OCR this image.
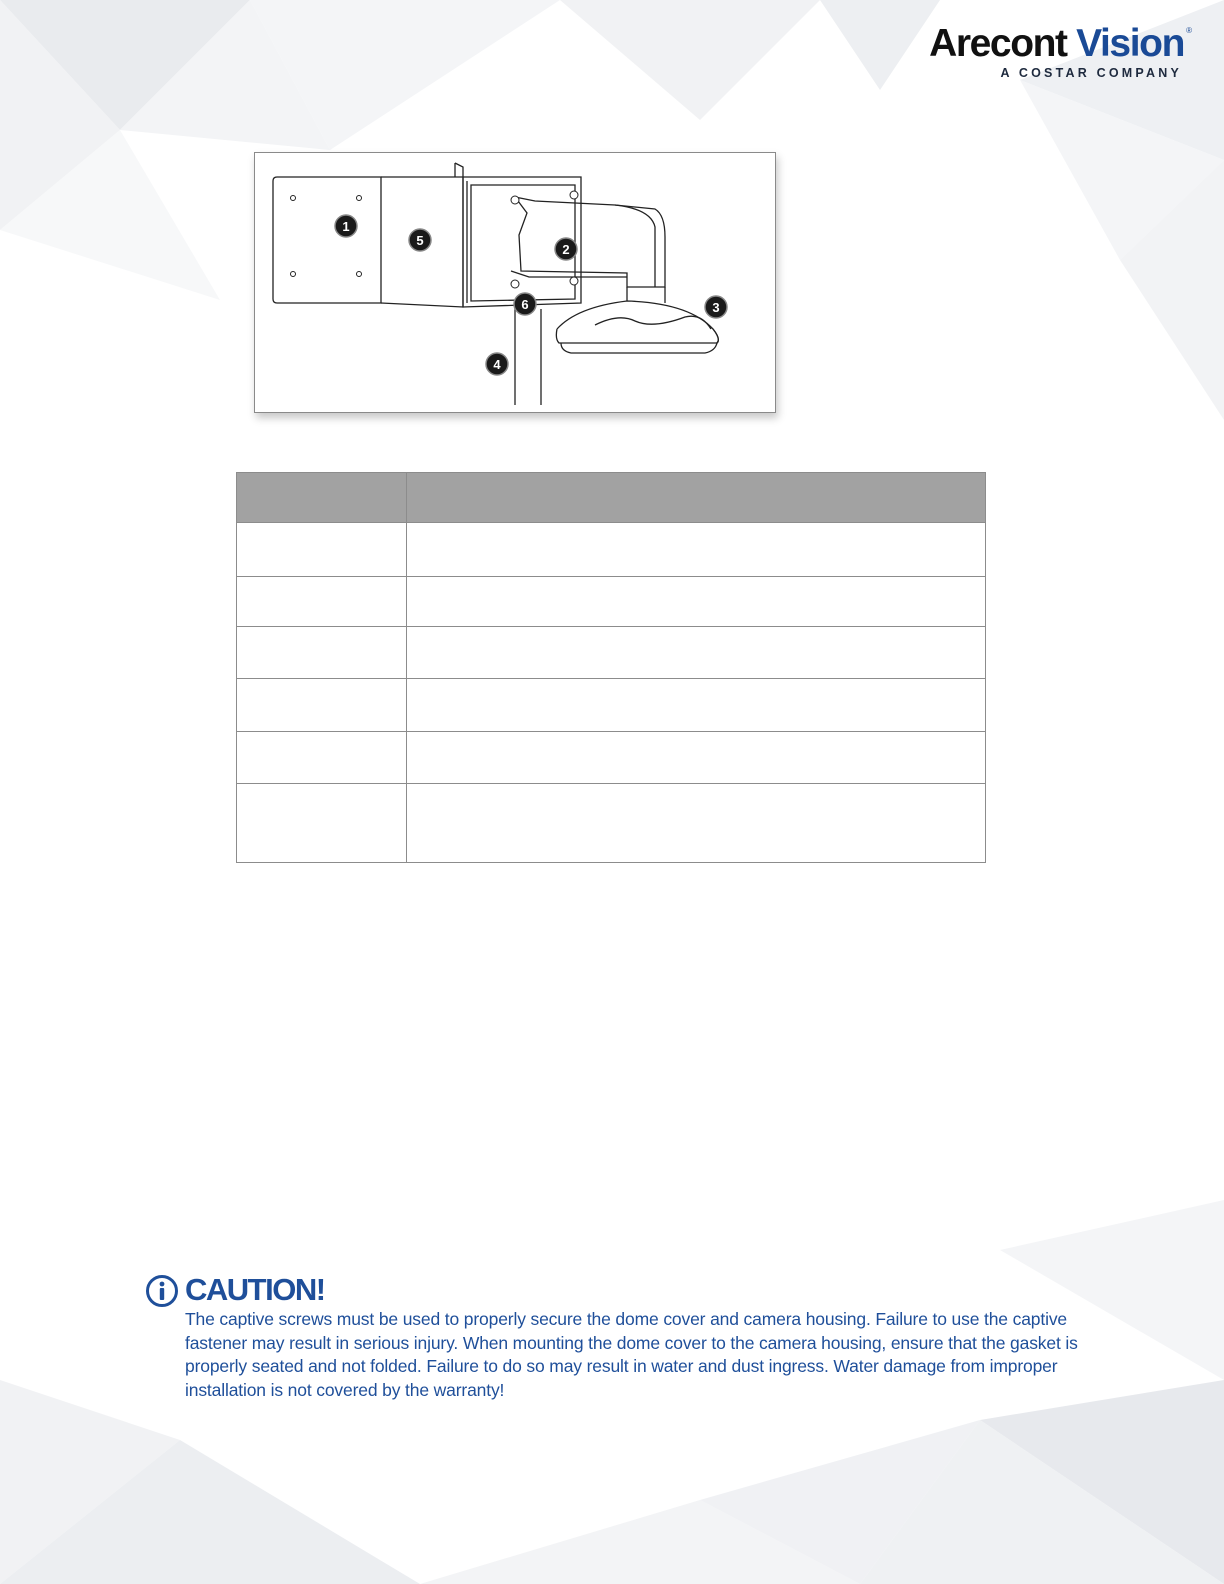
Arecont Vision ®
A COSTAR COMPANY
1
5
2
6	3
4

CAUTION!

The captive screws must be used to properly secure the dome cover and camera housing. Failure to use the captive fastener may result in serious injury. When mounting the dome cover to the camera housing, ensure that the gasket is properly seated and not folded. Failure to do so may result in water and dust ingress. Water damage from improper installation is not covered by the warranty!
